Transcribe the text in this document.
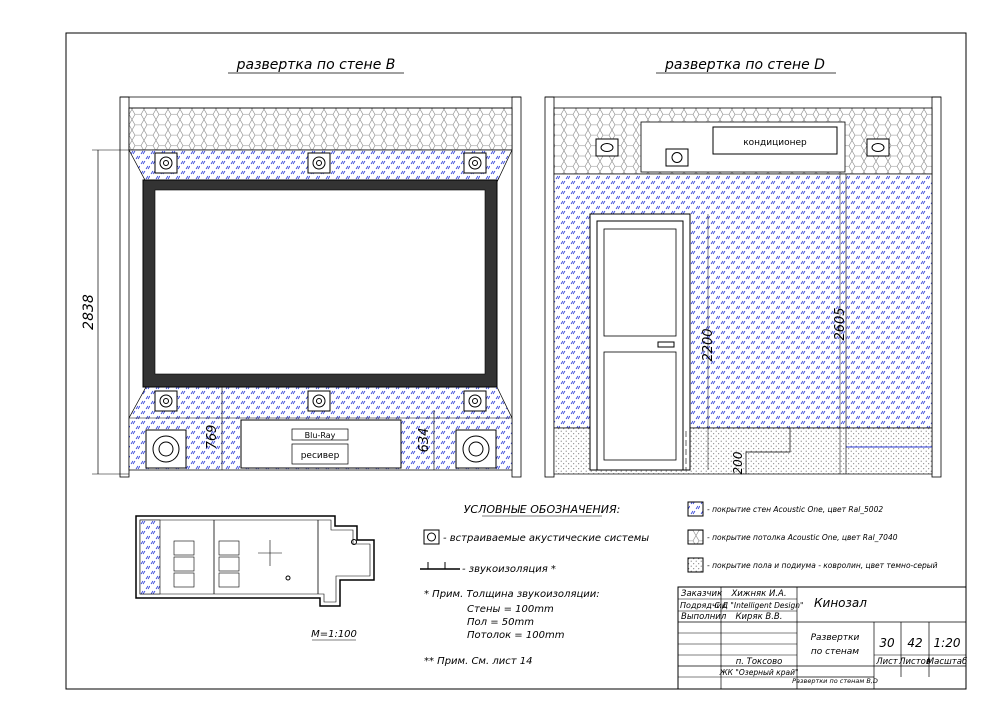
развертка по стене B	развертка по стене D
Blu-Ray
ресивер
2838
769	634
кондиционер
2200
2605
200
М=1:100
УСЛОВНЫЕ ОБОЗНАЧЕНИЯ:
- встраиваемые акустические системы
- звукоизоляция *
* Прим. Толщина звукоизоляции:
Стены = 100mm
Пол = 50mm
Потолок = 100mm
** Прим. См. лист 14
- покрытие стен Acoustic One, цвет Ral_5002
- покрытие потолка Acoustic One, цвет Ral_7040
- покрытие пола и подиума - ковролин, цвет темно-серый
Заказчик Хижняк И.А.
Подрядчик
С.Д "Intelligent Design"
Выполнил Киряк В.В.
Кинозал
Развертки
по стенам
30 42 1:20
Лист Листов
Масштаб
п. Токсово
ЖК "Озерный край"
Развертки по стенам B,D
